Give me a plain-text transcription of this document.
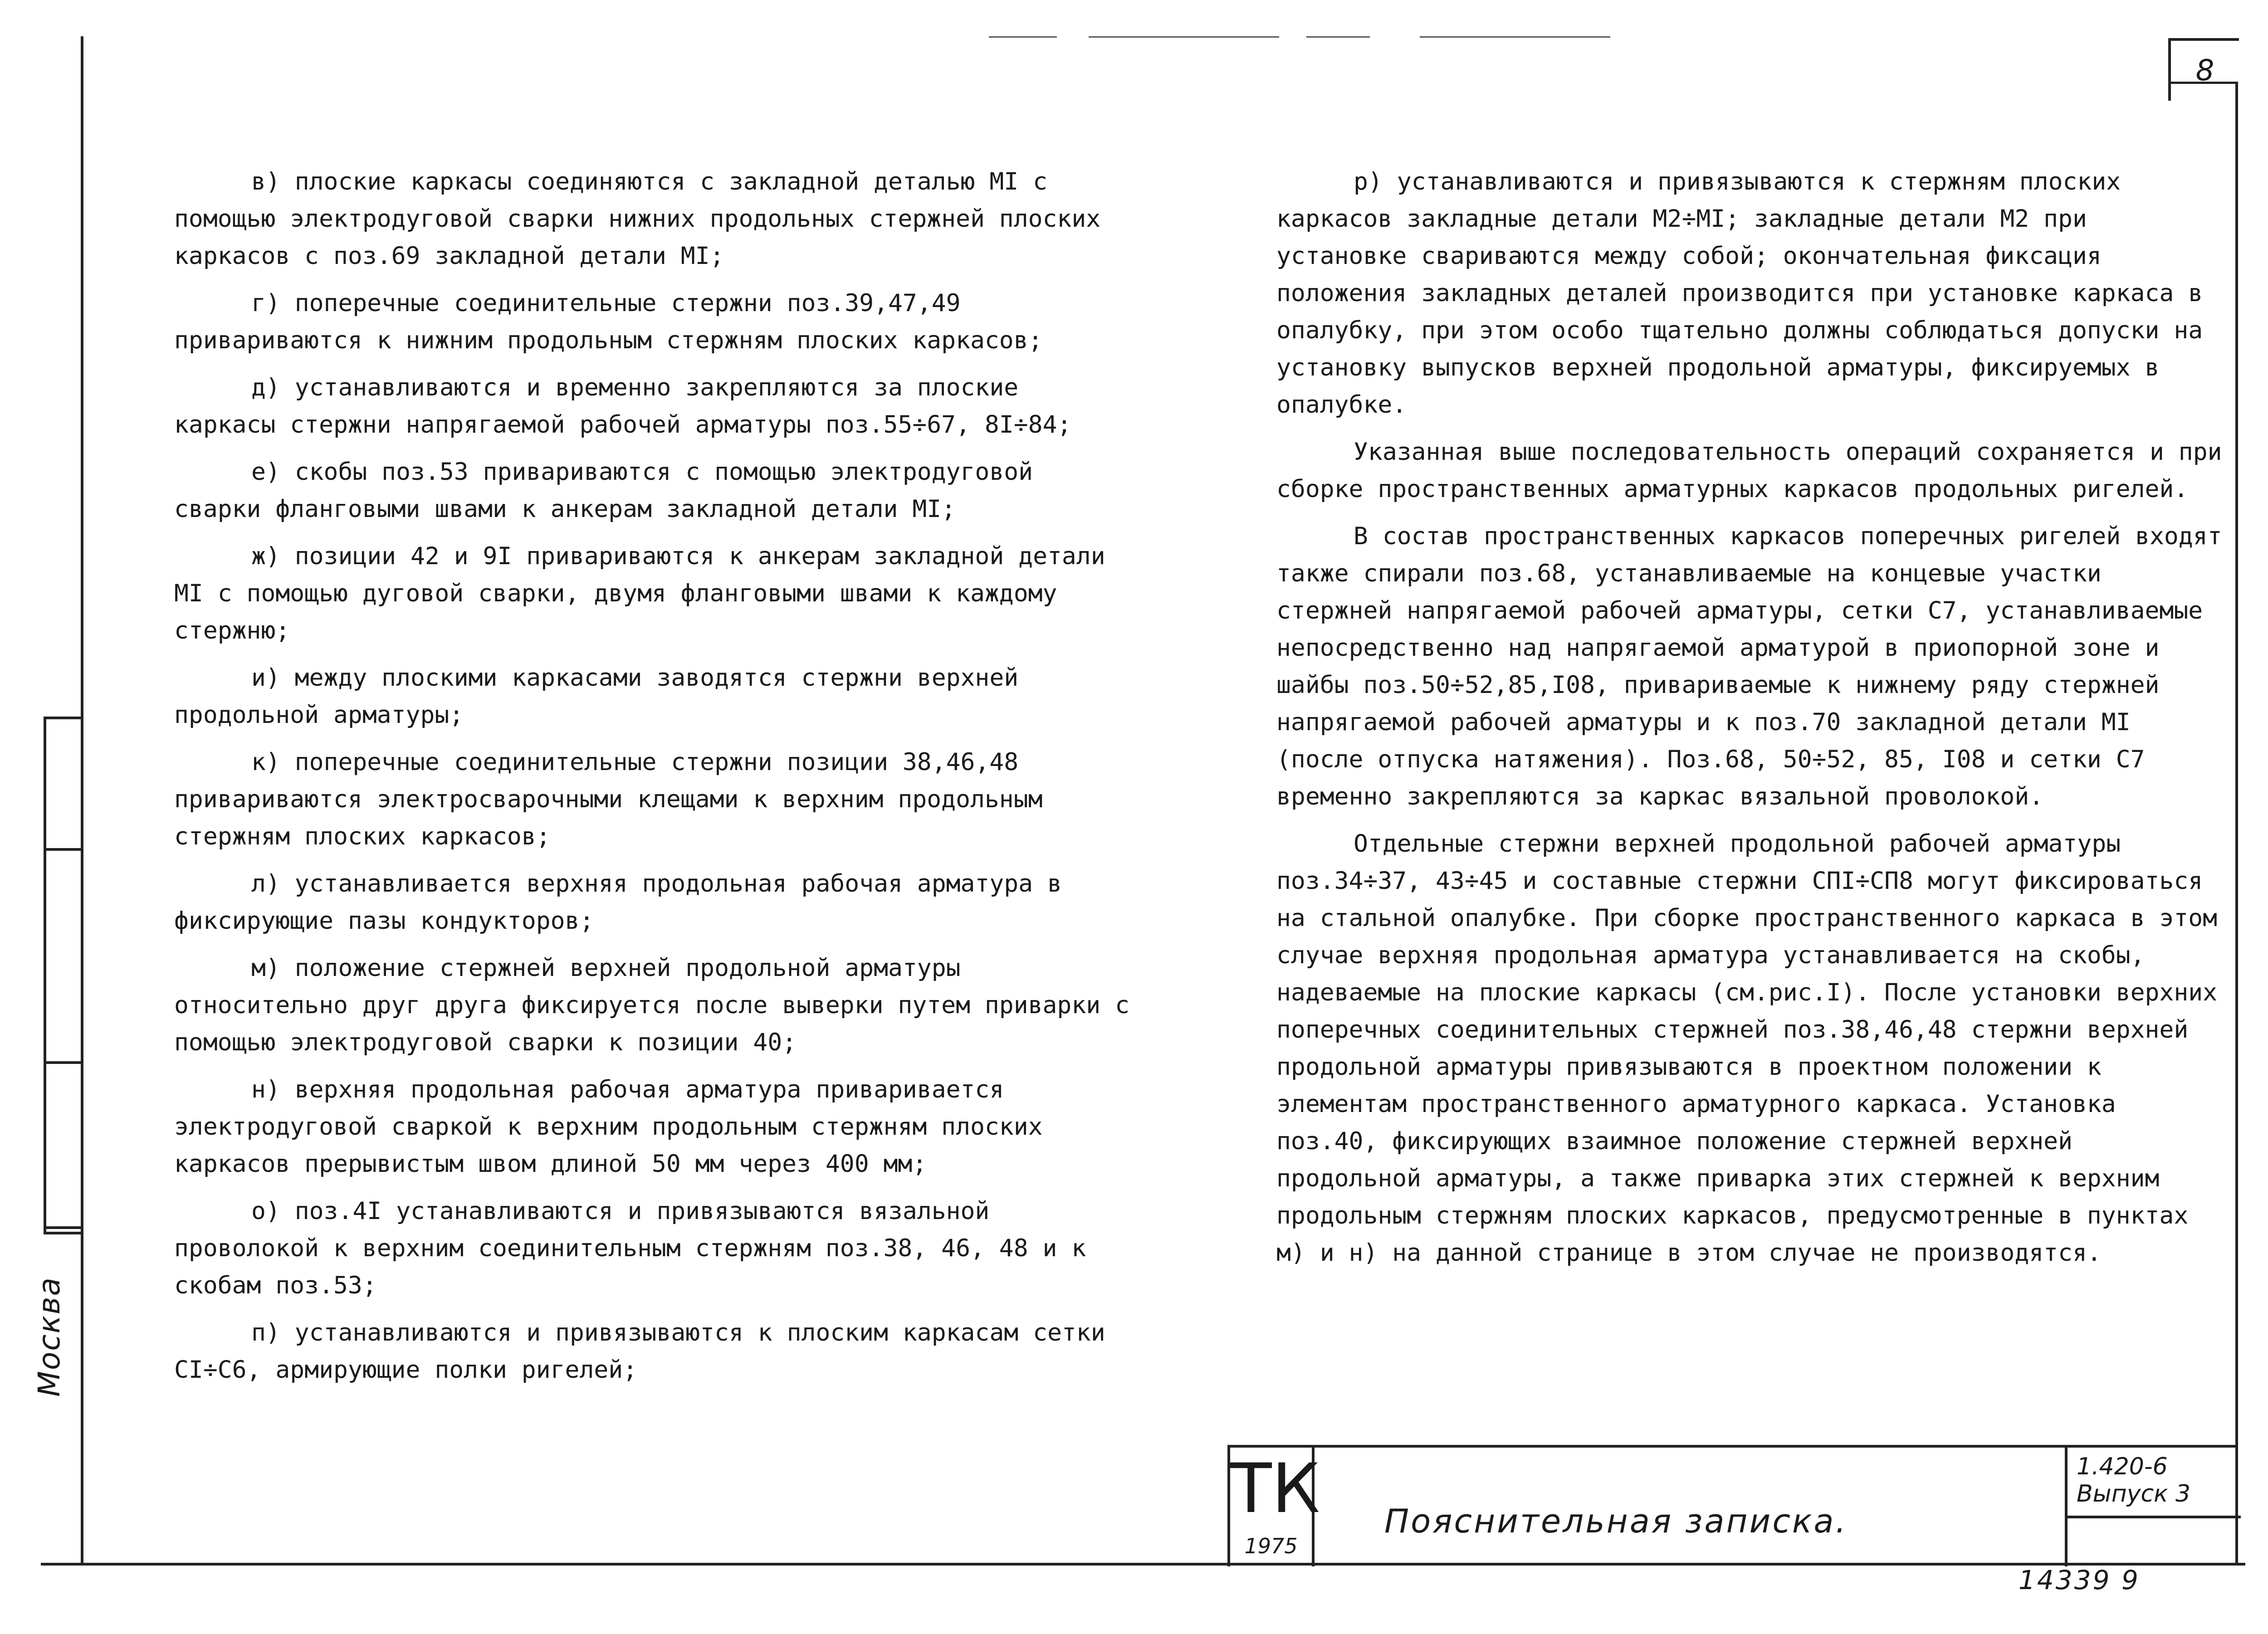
8
Москва

в) плоские каркасы соединяются с закладной деталью МI с помощью электродуговой сварки нижних продольных стержней плоских каркасов с поз.69 закладной детали МI;

г) поперечные соединительные стержни поз.39,47,49 привариваются к нижним продольным стержням плоских каркасов;

д) устанавливаются и временно закрепляются за плоские каркасы стержни напрягаемой рабочей арматуры поз.55÷67, 8I÷84;

е) скобы поз.53 привариваются с помощью электродуговой сварки фланговыми швами к анкерам закладной детали МI;

ж) позиции 42 и 9I привариваются к анкерам закладной детали МI с помощью дуговой сварки, двумя фланговыми швами к каждому стержню;

и) между плоскими каркасами заводятся стержни верхней продольной арматуры;

к) поперечные соединительные стержни позиции 38,46,48 привариваются электросварочными клещами к верхним продольным стержням плоских каркасов;

л) устанавливается верхняя продольная рабочая арматура в фиксирующие пазы кондукторов;

м) положение стержней верхней продольной арматуры относительно друг друга фиксируется после выверки путем приварки с помощью электродуговой сварки к позиции 40;

н) верхняя продольная рабочая арматура приваривается электродуговой сваркой к верхним продольным стержням плоских каркасов прерывистым швом длиной 50 мм через 400 мм;

о) поз.4I устанавливаются и привязываются вязальной проволокой к верхним соединительным стержням поз.38, 46, 48 и к скобам поз.53;

п) устанавливаются и привязываются к плоским каркасам сетки СI÷С6, армирующие полки ригелей;

р) устанавливаются и привязываются к стержням плоских каркасов закладные детали М2÷МI; закладные детали М2 при установке свариваются между собой; окончательная фиксация положения закладных деталей производится при установке каркаса в опалубку, при этом особо тщательно должны соблюдаться допуски на установку выпусков верхней продольной арматуры, фиксируемых в опалубке.

Указанная выше последовательность операций сохраняется и при сборке пространственных арматурных каркасов продольных ригелей.

В состав пространственных каркасов поперечных ригелей входят также спирали поз.68, устанавливаемые на концевые участки стержней напрягаемой рабочей арматуры, сетки С7, устанавливаемые непосредственно над напрягаемой арматурой в приопорной зоне и шайбы поз.50÷52,85,I08, привариваемые к нижнему ряду стержней напрягаемой рабочей арматуры и к поз.70 закладной детали МI (после отпуска натяжения). Поз.68, 50÷52, 85, I08 и сетки С7 временно закрепляются за каркас вязальной проволокой.

Отдельные стержни верхней продольной рабочей арматуры поз.34÷37, 43÷45 и составные стержни СПI÷СП8 могут фиксироваться на стальной опалубке. При сборке пространственного каркаса в этом случае верхняя продольная арматура устанавливается на скобы, надеваемые на плоские каркасы (см.рис.I). После установки верхних поперечных соединительных стержней поз.38,46,48 стержни верхней продольной арматуры привязываются в проектном положении к элементам пространственного арматурного каркаса. Установка поз.40, фиксирующих взаимное положение стержней верхней продольной арматуры, а также приварка этих стержней к верхним продольным стержням плоских каркасов, предусмотренные в пунктах м) и н) на данной странице в этом случае не производятся.

ТК
1975
Пояснительная записка.
1.420-6
Выпуск 3
14339 9
